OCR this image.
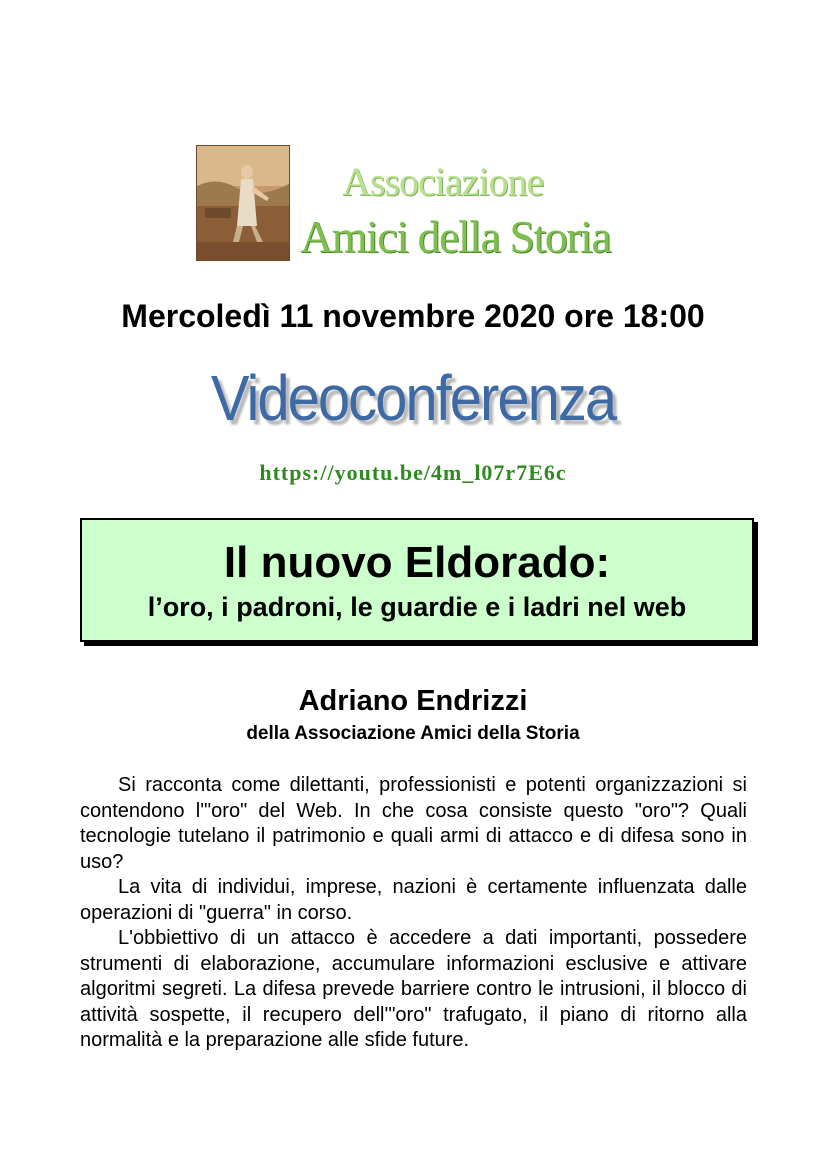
Associazione
Amici della Storia
Mercoledì 11 novembre 2020 ore 18:00
Videoconferenza
https://youtu.be/4m_l07r7E6c
Il nuovo Eldorado:
l’oro, i padroni, le guardie e i ladri nel web
Adriano Endrizzi
della Associazione Amici della Storia

Si racconta come dilettanti, professionisti e potenti organizzazioni si contendono l'"oro" del Web. In che cosa consiste questo "oro"? Quali tecnologie tutelano il patrimonio e quali armi di attacco e di difesa sono in uso?

La vita di individui, imprese, nazioni è certamente influenzata dalle operazioni di "guerra" in corso.

L'obbiettivo di un attacco è accedere a dati importanti, possedere strumenti di elaborazione, accumulare informazioni esclusive e attivare algoritmi segreti. La difesa prevede barriere contro le intrusioni, il blocco di attività sospette, il recupero dell'"oro" trafugato, il piano di ritorno alla normalità e la preparazione alle sfide future.
